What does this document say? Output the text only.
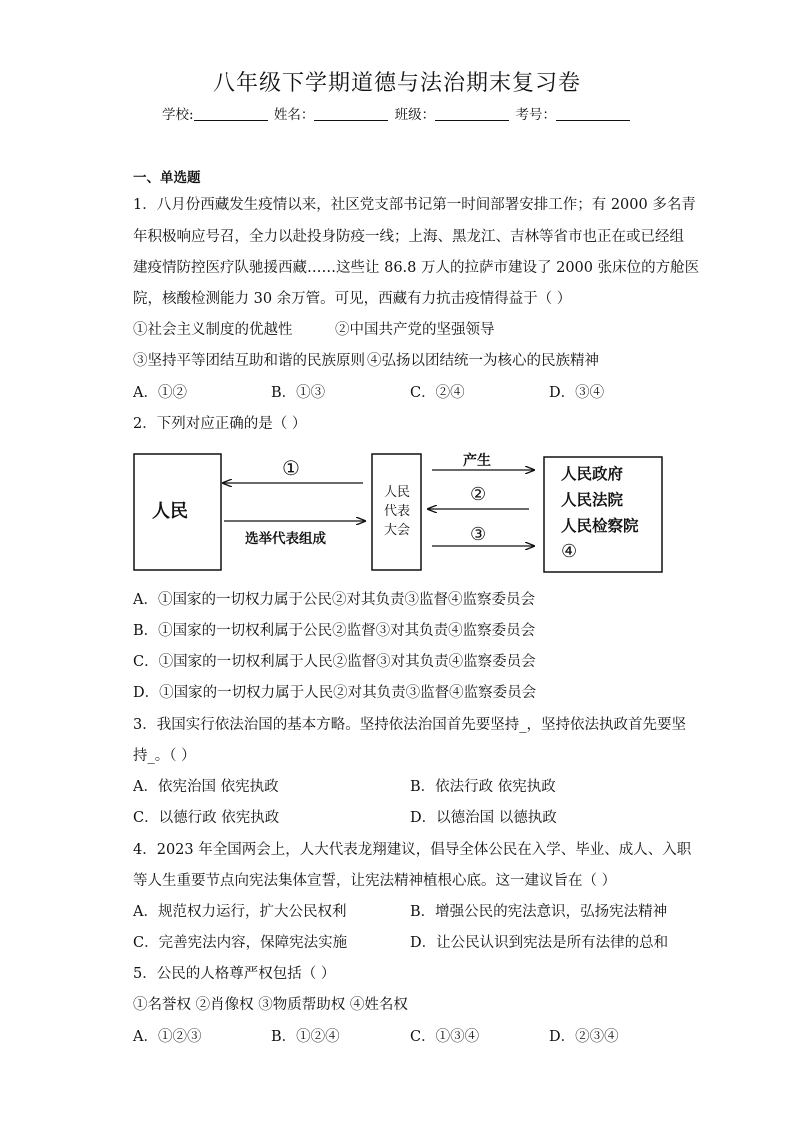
八年级下学期道德与法治期末复习卷
学校:	姓名：	班级：	考号：
一、单选题
1．八月份西藏发生疫情以来，社区党支部书记第一时间部署安排工作；有 2000 多名青
年积极响应号召，全力以赴投身防疫一线；上海、黑龙江、吉林等省市也正在或已经组
建疫情防控医疗队驰援西藏……这些让 86.8 万人的拉萨市建设了 2000 张床位的方舱医
院，核酸检测能力 30 余万管。可见，西藏有力抗击疫情得益于（ ）
①社会主义制度的优越性	②中国共产党的坚强领导
③坚持平等团结互助和谐的民族原则 ④弘扬以团结统一为核心的民族精神
A．①②	B．①③	C．②④	D．③④
2．下列对应正确的是（ ）
人民
①
选举代表组成
人民
代表
大会
产生
②
③
人民政府
人民法院
人民检察院
④
A．①国家的一切权力属于公民②对其负责③监督④监察委员会
B．①国家的一切权利属于公民②监督③对其负责④监察委员会
C．①国家的一切权利属于人民②监督③对其负责④监察委员会
D．①国家的一切权力属于人民②对其负责③监督④监察委员会
3．我国实行依法治国的基本方略。坚持依法治国首先要坚持_，坚持依法执政首先要坚
持_。（ ）
A．依宪治国 依宪执政	B．依法行政 依宪执政
C．以德行政 依宪执政	D．以德治国 以德执政
4．2023 年全国两会上，人大代表龙翔建议，倡导全体公民在入学、毕业、成人、入职
等人生重要节点向宪法集体宣誓，让宪法精神植根心底。这一建议旨在（ ）
A．规范权力运行，扩大公民权利	B．增强公民的宪法意识，弘扬宪法精神
C．完善宪法内容，保障宪法实施	D．让公民认识到宪法是所有法律的总和
5．公民的人格尊严权包括（ ）
①名誉权 ②肖像权 ③物质帮助权 ④姓名权
A．①②③	B．①②④	C．①③④	D．②③④
